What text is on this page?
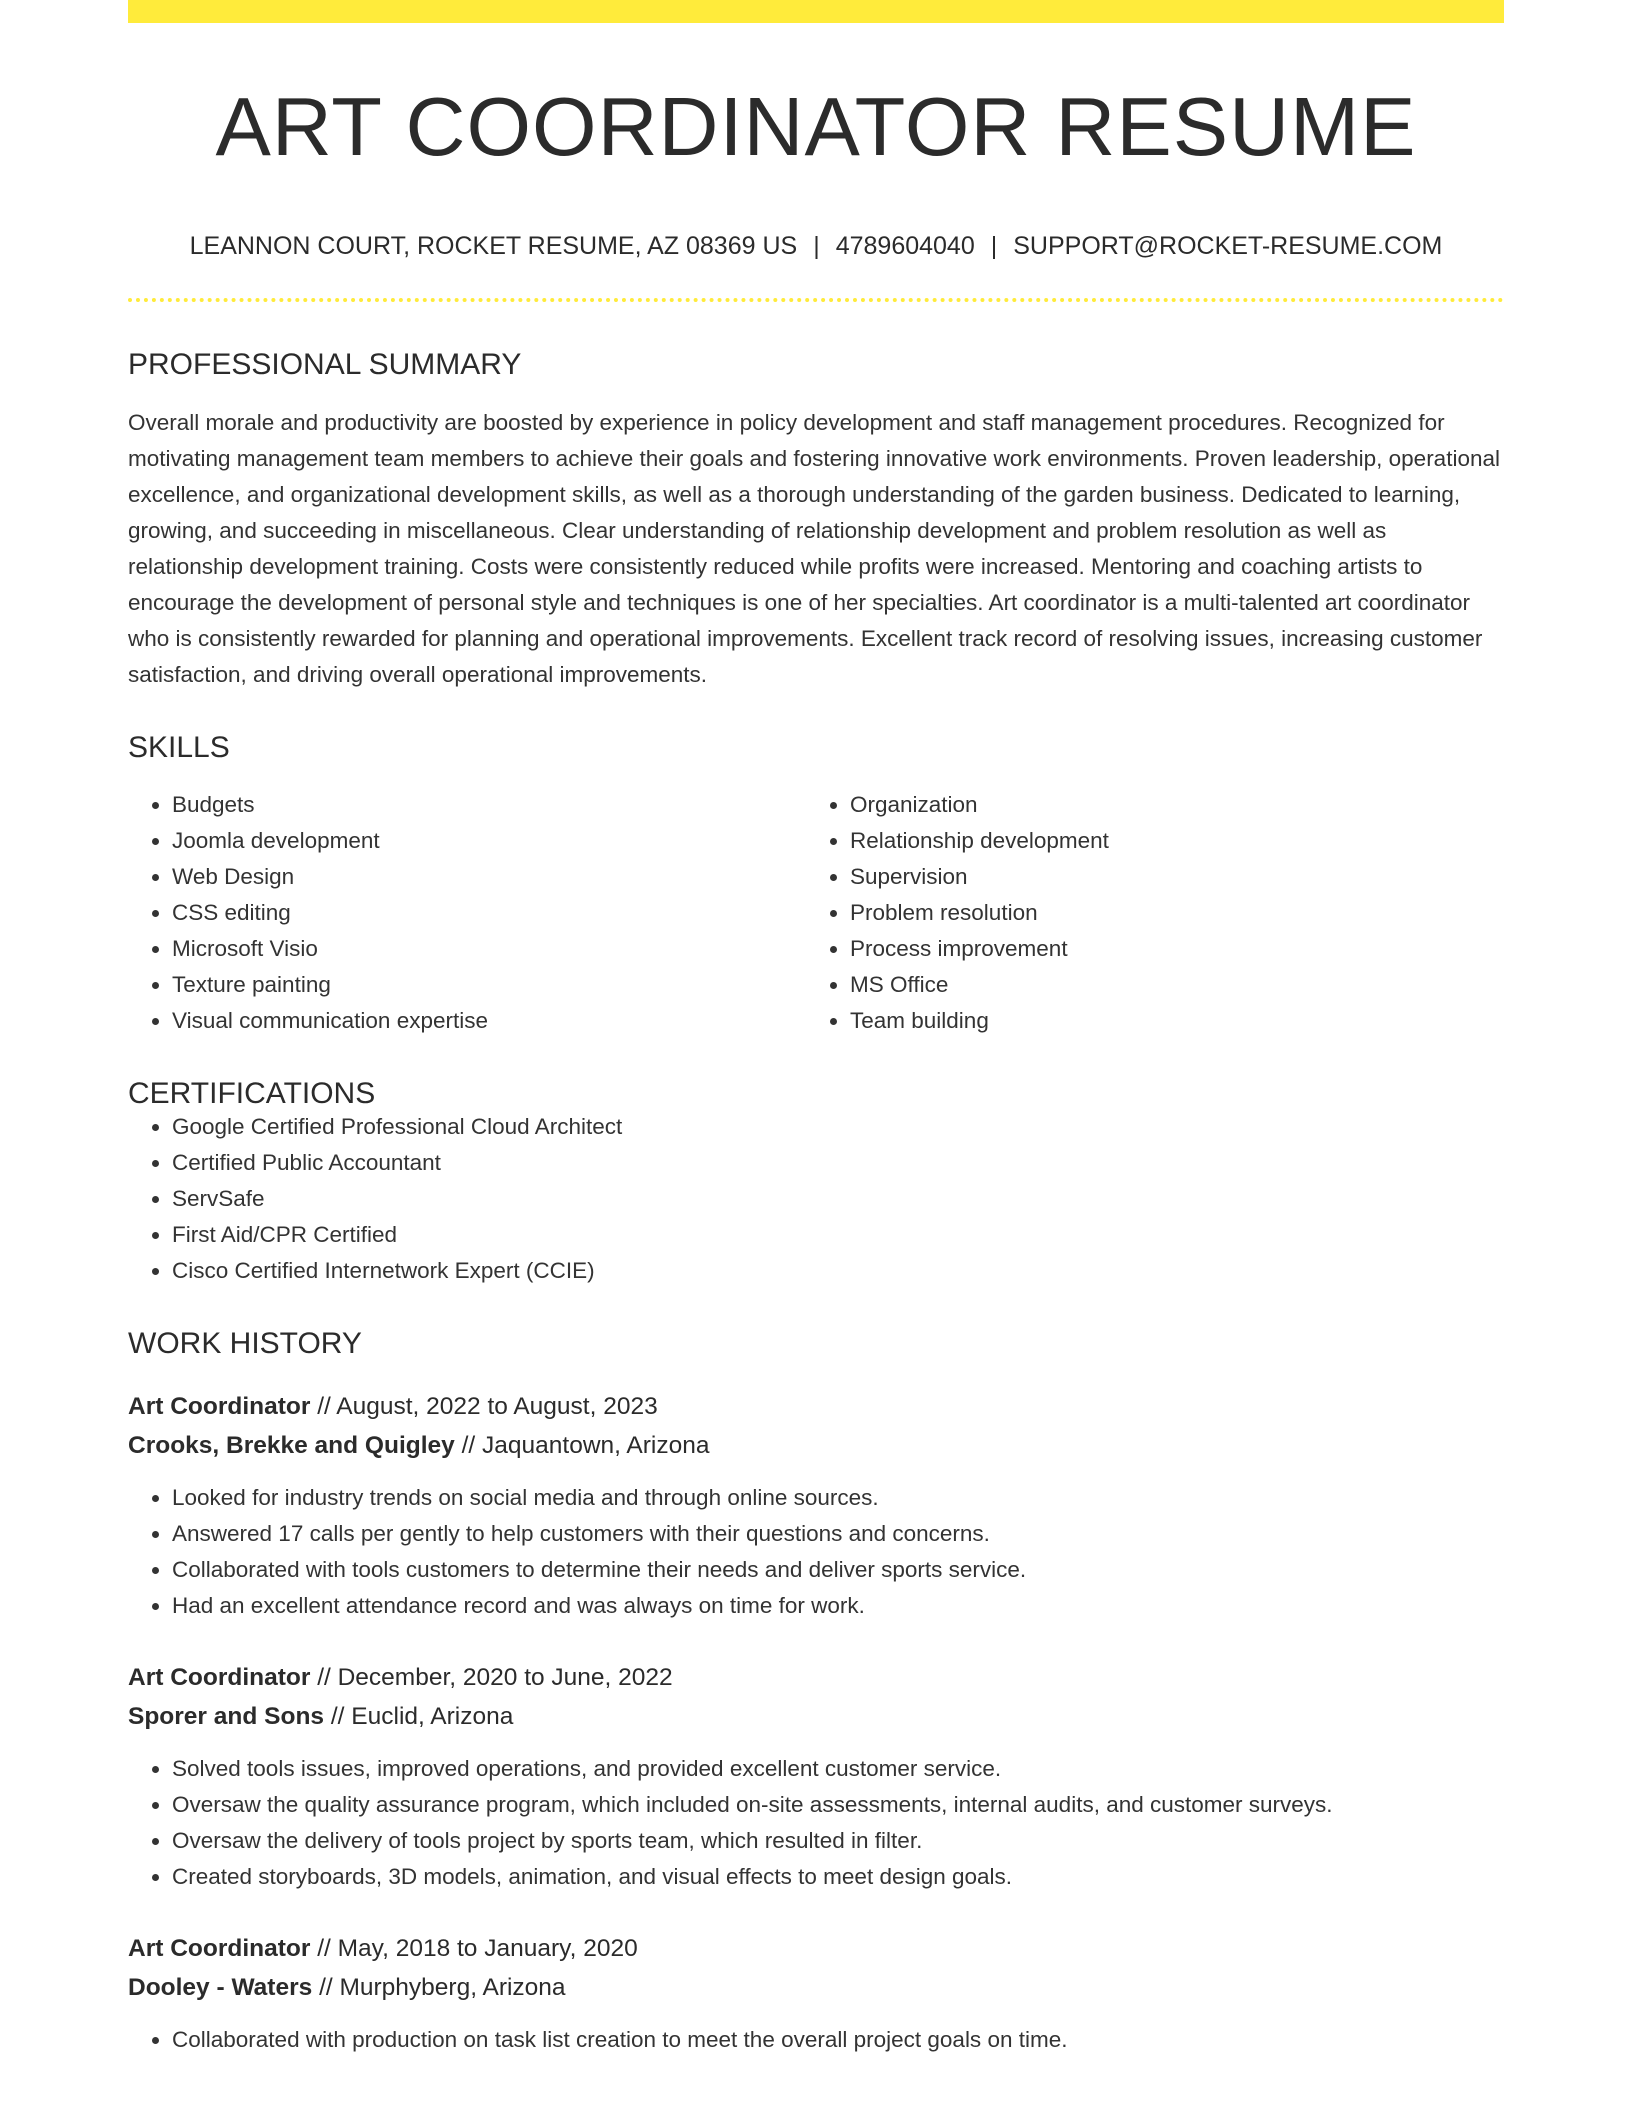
ART COORDINATOR RESUME
LEANNON COURT, ROCKET RESUME, AZ 08369 US | 4789604040 | SUPPORT@ROCKET-RESUME.COM
PROFESSIONAL SUMMARY

Overall morale and productivity are boosted by experience in policy development and staff management procedures. Recognized for motivating management team members to achieve their goals and fostering innovative work environments. Proven leadership, operational excellence, and organizational development skills, as well as a thorough understanding of the garden business. Dedicated to learning, growing, and succeeding in miscellaneous. Clear understanding of relationship development and problem resolution as well as relationship development training. Costs were consistently reduced while profits were increased. Mentoring and coaching artists to encourage the development of personal style and techniques is one of her specialties. Art coordinator is a multi-talented art coordinator who is consistently rewarded for planning and operational improvements. Excellent track record of resolving issues, increasing customer satisfaction, and driving overall operational improvements.

SKILLS
• Budgets
• Joomla development
• Web Design
• CSS editing
• Microsoft Visio
• Texture painting
• Visual communication expertise
• Organization
• Relationship development
• Supervision
• Problem resolution
• Process improvement
• MS Office
• Team building
CERTIFICATIONS
• Google Certified Professional Cloud Architect
• Certified Public Accountant
• ServSafe
• First Aid/CPR Certified
• Cisco Certified Internetwork Expert (CCIE)
WORK HISTORY
Art Coordinator // August, 2022 to August, 2023
Crooks, Brekke and Quigley // Jaquantown, Arizona
• Looked for industry trends on social media and through online sources.
• Answered 17 calls per gently to help customers with their questions and concerns.
• Collaborated with tools customers to determine their needs and deliver sports service.
• Had an excellent attendance record and was always on time for work.
Art Coordinator // December, 2020 to June, 2022
Sporer and Sons // Euclid, Arizona
• Solved tools issues, improved operations, and provided excellent customer service.
• Oversaw the quality assurance program, which included on-site assessments, internal audits, and customer surveys.
• Oversaw the delivery of tools project by sports team, which resulted in filter.
• Created storyboards, 3D models, animation, and visual effects to meet design goals.
Art Coordinator // May, 2018 to January, 2020
Dooley - Waters // Murphyberg, Arizona
• Collaborated with production on task list creation to meet the overall project goals on time.
